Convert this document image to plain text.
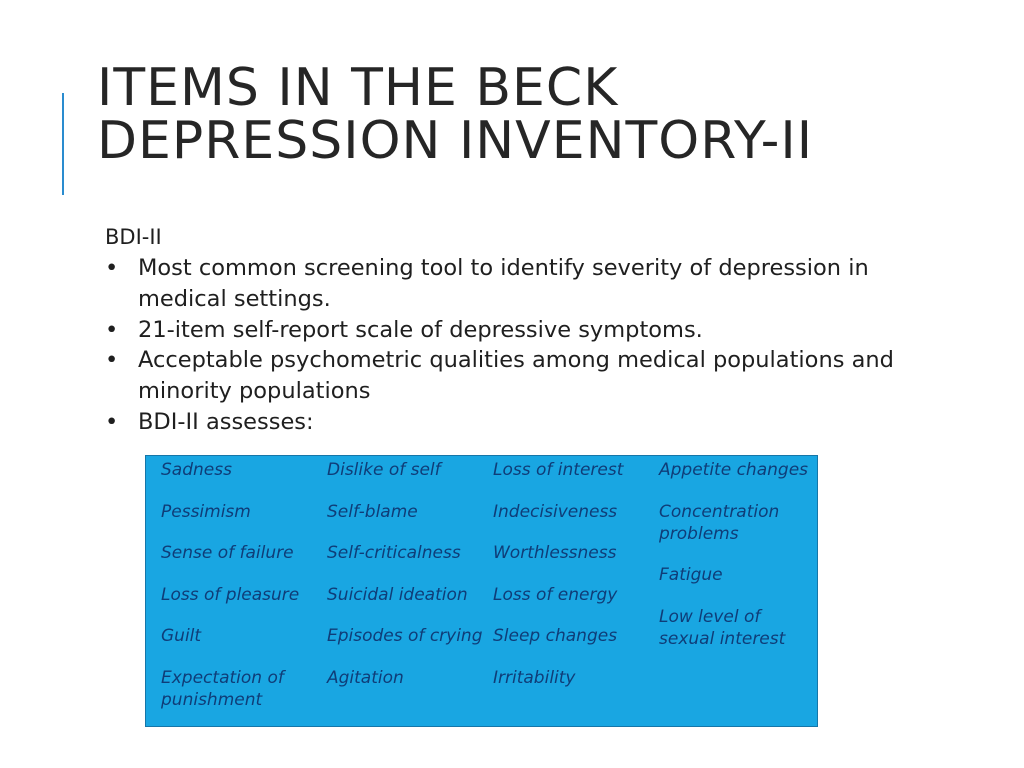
ITEMS IN THE BECK DEPRESSION INVENTORY-II
BDI-II
• Most common screening tool to identify severity of depression in medical settings.
• 21-item self-report scale of depressive symptoms.
• Acceptable psychometric qualities among medical populations and minority populations
• BDI-II assesses:
Sadness
Pessimism
Sense of failure
Loss of pleasure
Guilt
Expectation of punishment
Dislike of self
Self-blame
Self-criticalness
Suicidal ideation
Episodes of crying
Agitation
Loss of interest
Indecisiveness
Worthlessness
Loss of energy
Sleep changes
Irritability
Appetite changes
Concentration problems
Fatigue
Low level of sexual interest
